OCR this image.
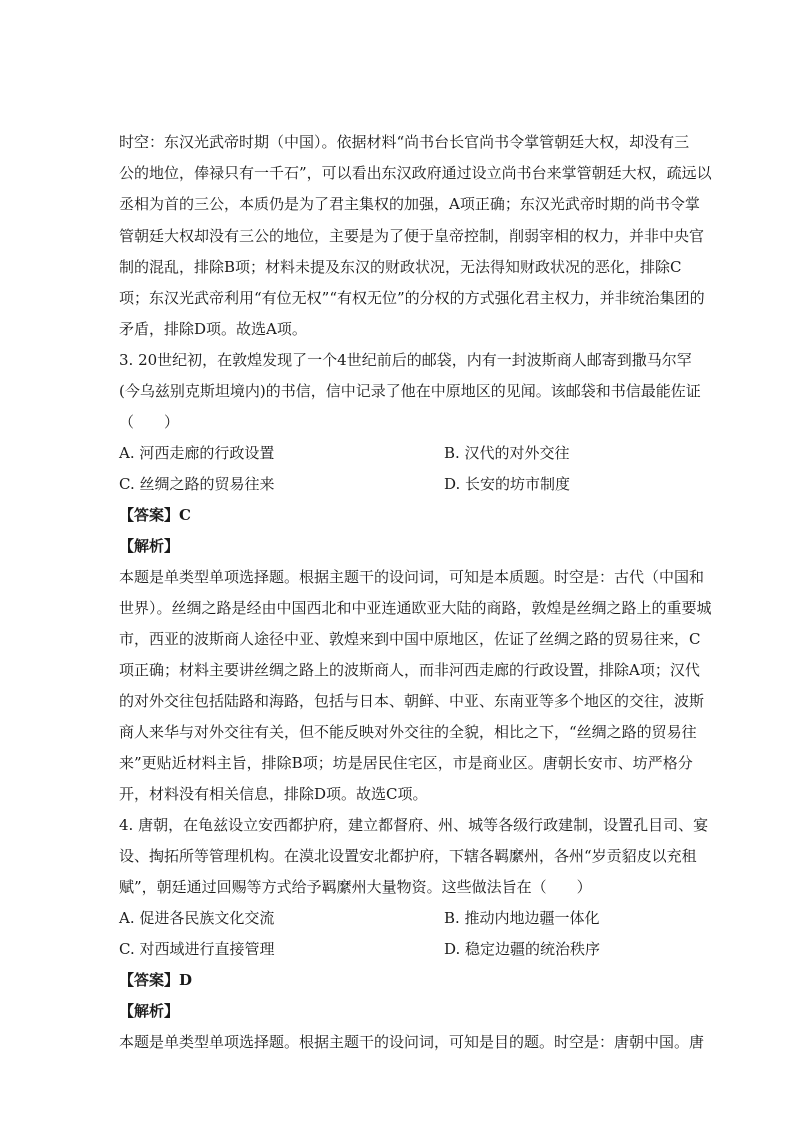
时空：东汉光武帝时期（中国）。依据材料“尚书台长官尚书令掌管朝廷大权，却没有三

公的地位，俸禄只有一千石”，可以看出东汉政府通过设立尚书台来掌管朝廷大权，疏远以

丞相为首的三公，本质仍是为了君主集权的加强，A项正确；东汉光武帝时期的尚书令掌

管朝廷大权却没有三公的地位，主要是为了便于皇帝控制，削弱宰相的权力，并非中央官

制的混乱，排除B项；材料未提及东汉的财政状况，无法得知财政状况的恶化，排除C

项；东汉光武帝利用“有位无权”“有权无位”的分权的方式强化君主权力，并非统治集团的

矛盾，排除D项。故选A项。

3. 20世纪初，在敦煌发现了一个4世纪前后的邮袋，内有一封波斯商人邮寄到撒马尔罕

(今乌兹别克斯坦境内)的书信，信中记录了他在中原地区的见闻。该邮袋和书信最能佐证

（　　）

A. 河西走廊的行政设置	B. 汉代的对外交往

C. 丝绸之路的贸易往来	D. 长安的坊市制度

【答案】C

【解析】

本题是单类型单项选择题。根据主题干的设问词，可知是本质题。时空是：古代（中国和

世界）。丝绸之路是经由中国西北和中亚连通欧亚大陆的商路，敦煌是丝绸之路上的重要城

市，西亚的波斯商人途径中亚、敦煌来到中国中原地区，佐证了丝绸之路的贸易往来，C

项正确；材料主要讲丝绸之路上的波斯商人，而非河西走廊的行政设置，排除A项；汉代

的对外交往包括陆路和海路，包括与日本、朝鲜、中亚、东南亚等多个地区的交往，波斯

商人来华与对外交往有关，但不能反映对外交往的全貌，相比之下，“丝绸之路的贸易往

来”更贴近材料主旨，排除B项；坊是居民住宅区，市是商业区。唐朝长安市、坊严格分

开，材料没有相关信息，排除D项。故选C项。

4. 唐朝，在龟兹设立安西都护府，建立都督府、州、城等各级行政建制，设置孔目司、宴

设、掏拓所等管理机构。在漠北设置安北都护府，下辖各羁縻州，各州“岁贡貂皮以充租

赋”，朝廷通过回赐等方式给予羁縻州大量物资。这些做法旨在（　　）

A. 促进各民族文化交流	B. 推动内地边疆一体化

C. 对西域进行直接管理	D. 稳定边疆的统治秩序

【答案】D

【解析】

本题是单类型单项选择题。根据主题干的设问词，可知是目的题。时空是：唐朝中国。唐
